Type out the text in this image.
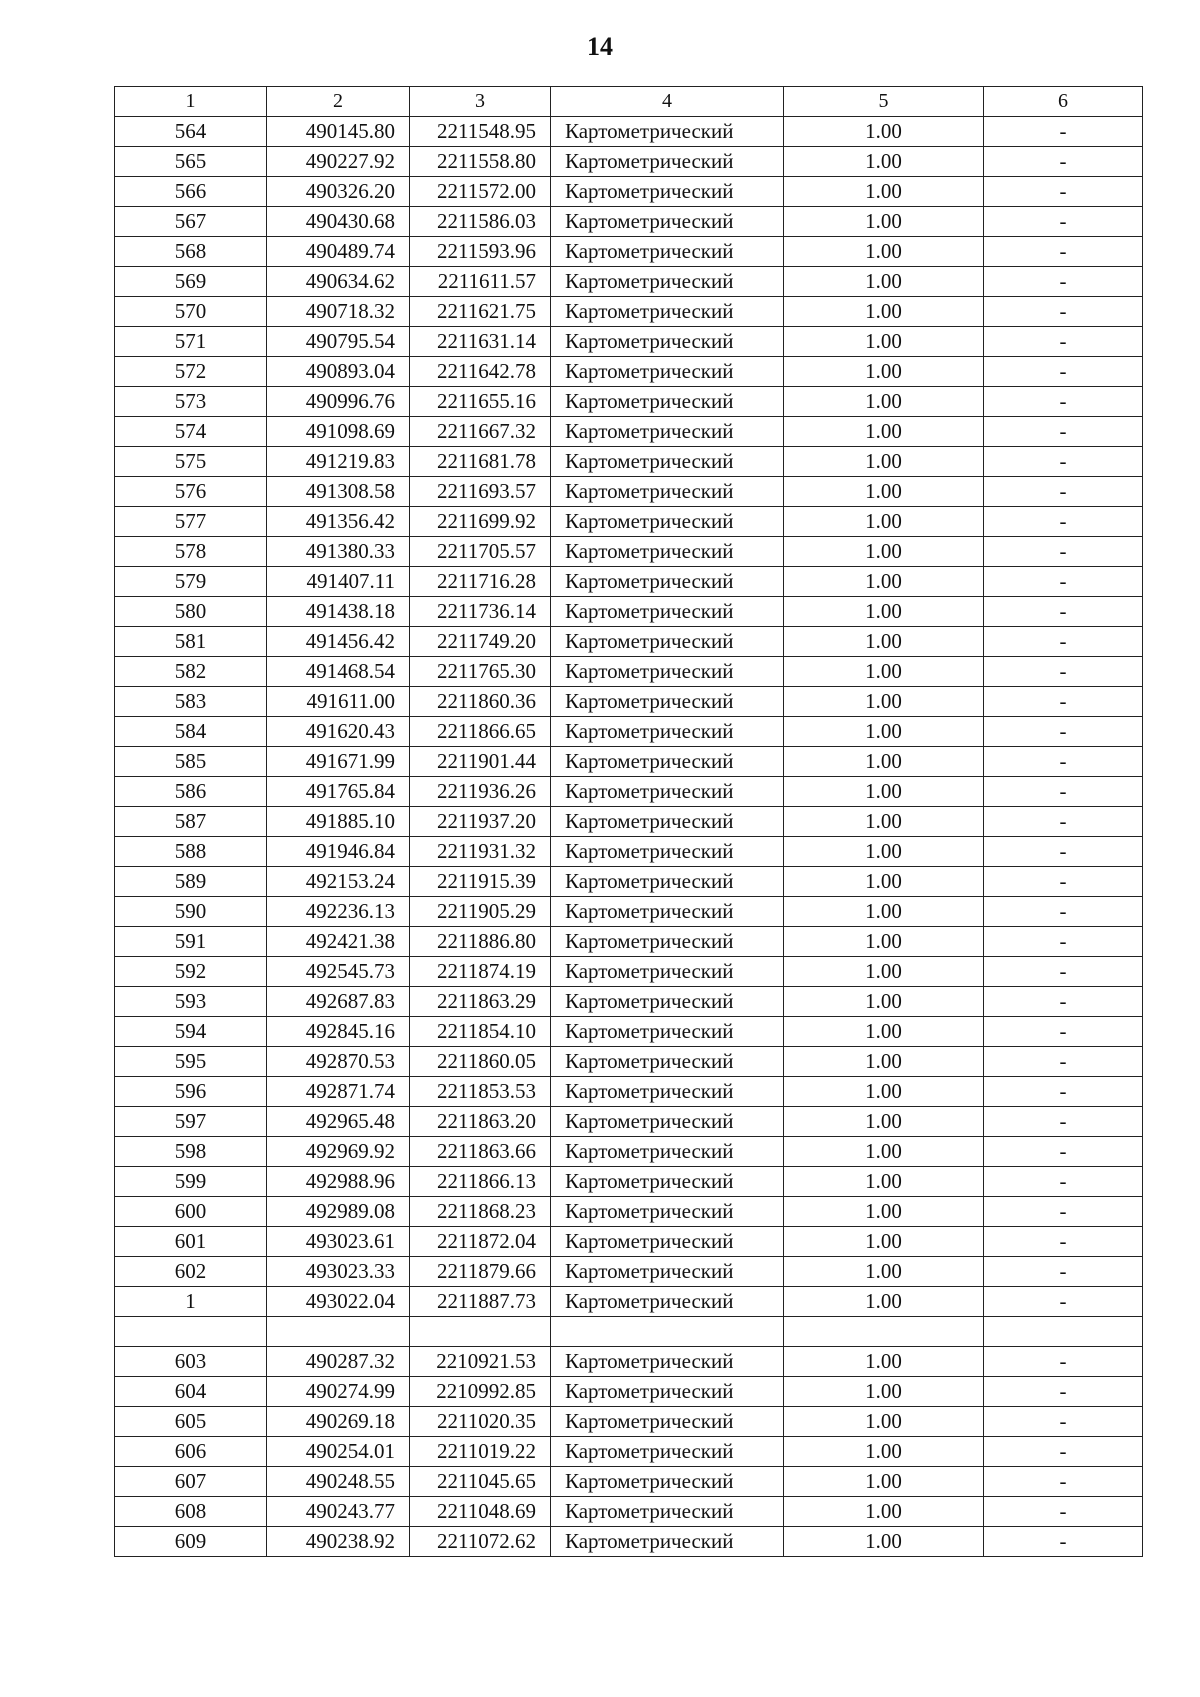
14
1	2	3	4	5	6
564	490145.80	2211548.95	Картометрический	1.00	-
565	490227.92	2211558.80	Картометрический	1.00	-
566	490326.20	2211572.00	Картометрический	1.00	-
567	490430.68	2211586.03	Картометрический	1.00	-
568	490489.74	2211593.96	Картометрический	1.00	-
569	490634.62	2211611.57	Картометрический	1.00	-
570	490718.32	2211621.75	Картометрический	1.00	-
571	490795.54	2211631.14	Картометрический	1.00	-
572	490893.04	2211642.78	Картометрический	1.00	-
573	490996.76	2211655.16	Картометрический	1.00	-
574	491098.69	2211667.32	Картометрический	1.00	-
575	491219.83	2211681.78	Картометрический	1.00	-
576	491308.58	2211693.57	Картометрический	1.00	-
577	491356.42	2211699.92	Картометрический	1.00	-
578	491380.33	2211705.57	Картометрический	1.00	-
579	491407.11	2211716.28	Картометрический	1.00	-
580	491438.18	2211736.14	Картометрический	1.00	-
581	491456.42	2211749.20	Картометрический	1.00	-
582	491468.54	2211765.30	Картометрический	1.00	-
583	491611.00	2211860.36	Картометрический	1.00	-
584	491620.43	2211866.65	Картометрический	1.00	-
585	491671.99	2211901.44	Картометрический	1.00	-
586	491765.84	2211936.26	Картометрический	1.00	-
587	491885.10	2211937.20	Картометрический	1.00	-
588	491946.84	2211931.32	Картометрический	1.00	-
589	492153.24	2211915.39	Картометрический	1.00	-
590	492236.13	2211905.29	Картометрический	1.00	-
591	492421.38	2211886.80	Картометрический	1.00	-
592	492545.73	2211874.19	Картометрический	1.00	-
593	492687.83	2211863.29	Картометрический	1.00	-
594	492845.16	2211854.10	Картометрический	1.00	-
595	492870.53	2211860.05	Картометрический	1.00	-
596	492871.74	2211853.53	Картометрический	1.00	-
597	492965.48	2211863.20	Картометрический	1.00	-
598	492969.92	2211863.66	Картометрический	1.00	-
599	492988.96	2211866.13	Картометрический	1.00	-
600	492989.08	2211868.23	Картометрический	1.00	-
601	493023.61	2211872.04	Картометрический	1.00	-
602	493023.33	2211879.66	Картометрический	1.00	-
1	493022.04	2211887.73	Картометрический	1.00	-

603	490287.32	2210921.53	Картометрический	1.00	-
604	490274.99	2210992.85	Картометрический	1.00	-
605	490269.18	2211020.35	Картометрический	1.00	-
606	490254.01	2211019.22	Картометрический	1.00	-
607	490248.55	2211045.65	Картометрический	1.00	-
608	490243.77	2211048.69	Картометрический	1.00	-
609	490238.92	2211072.62	Картометрический	1.00	-
